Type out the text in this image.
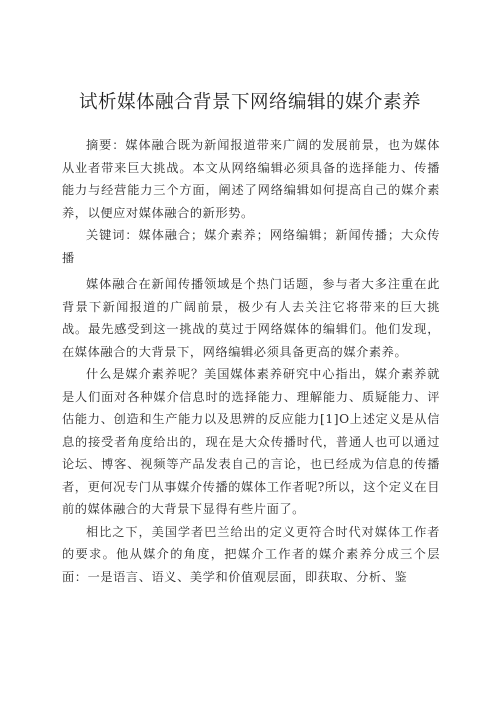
试析媒体融合背景下网络编辑的媒介素养

摘要：媒体融合既为新闻报道带来广阔的发展前景，也为媒体从业者带来巨大挑战。本文从网络编辑必须具备的选择能力、传播能力与经营能力三个方面，阐述了网络编辑如何提高自己的媒介素养，以便应对媒体融合的新形势。

关键词：媒体融合；媒介素养；网络编辑；新闻传播；大众传播

媒体融合在新闻传播领域是个热门话题，参与者大多注重在此背景下新闻报道的广阔前景，极少有人去关注它将带来的巨大挑战。最先感受到这一挑战的莫过于网络媒体的编辑们。他们发现，在媒体融合的大背景下，网络编辑必须具备更高的媒介素养。

什么是媒介素养呢？美国媒体素养研究中心指出，媒介素养就是人们面对各种媒介信息时的选择能力、理解能力、质疑能力、评估能力、创造和生产能力以及思辨的反应能力[1]O上述定义是从信息的接受者角度给出的，现在是大众传播时代，普通人也可以通过论坛、博客、视频等产品发表自己的言论，也已经成为信息的传播者，更何况专门从事媒介传播的媒体工作者呢?所以，这个定义在目前的媒体融合的大背景下显得有些片面了。

相比之下，美国学者巴兰给出的定义更符合时代对媒体工作者的要求。他从媒介的角度，把媒介工作者的媒介素养分成三个层面：一是语言、语义、美学和价值观层面，即获取、分析、鉴
